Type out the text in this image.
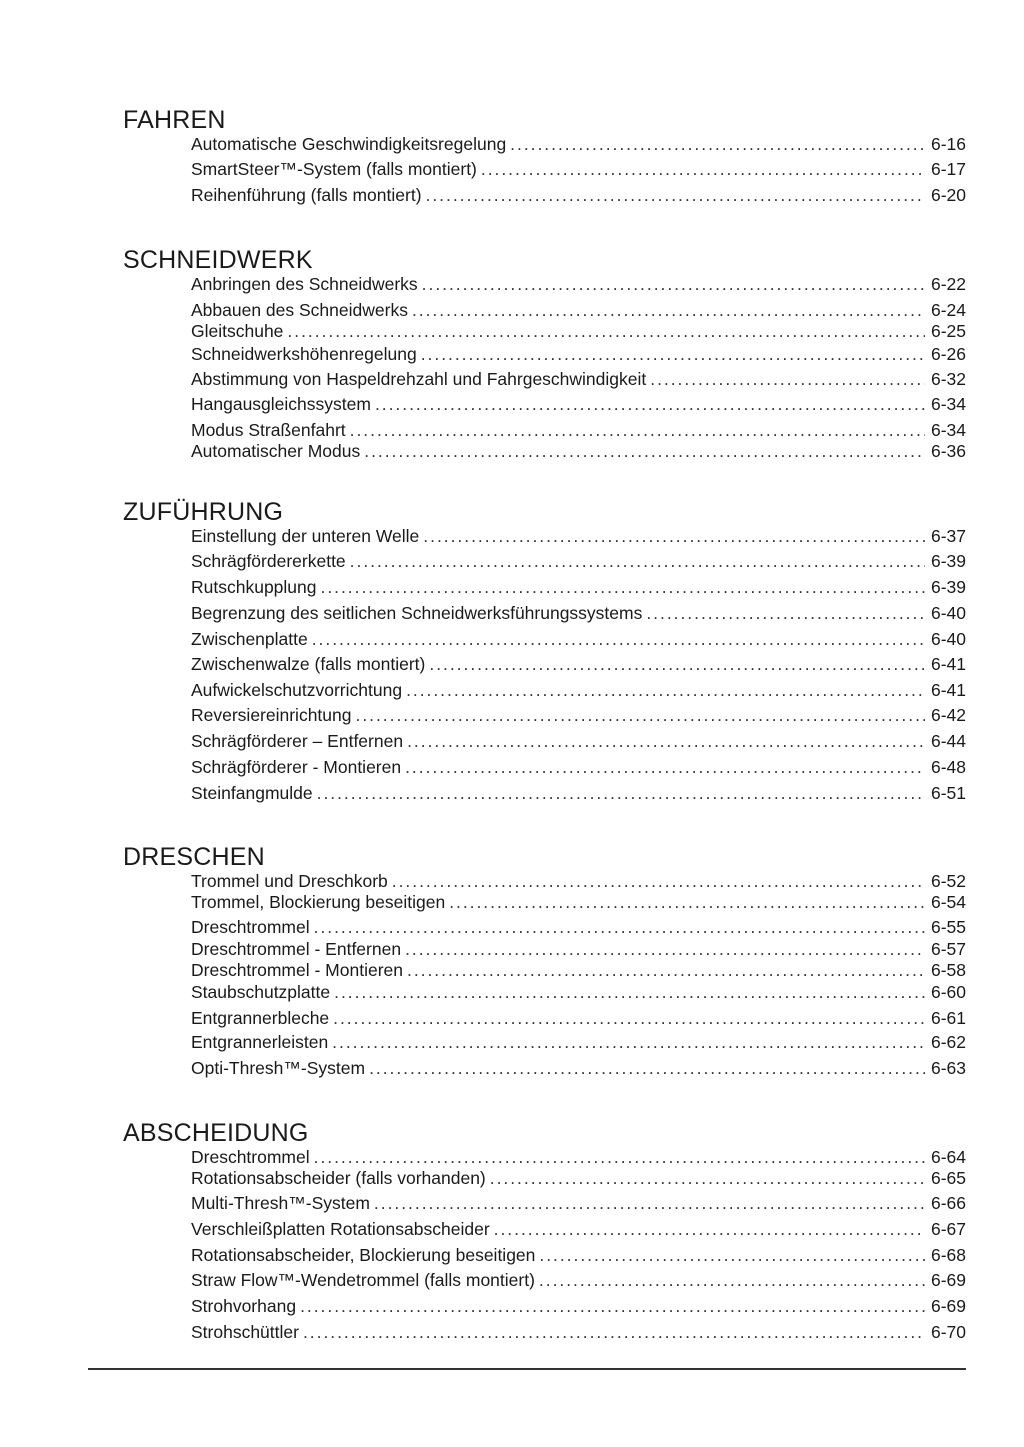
FAHREN
Automatische Geschwindigkeitsregelung . . .	6-16
SmartSteer™-System (falls montiert) . . .	6-17
Reihenführung (falls montiert) . . .	6-20
SCHNEIDWERK
Anbringen des Schneidwerks . . .	6-22
Abbauen des Schneidwerks . . .	6-24
Gleitschuhe . . .	6-25
Schneidwerkshöhenregelung . . .	6-26
Abstimmung von Haspeldrehzahl und Fahrgeschwindigkeit . . .	6-32
Hangausgleichssystem . . .	6-34
Modus Straßenfahrt . . .	6-34
Automatischer Modus . . .	6-36
ZUFÜHRUNG
Einstellung der unteren Welle . . .	6-37
Schrägfördererkette . . .	6-39
Rutschkupplung . . .	6-39
Begrenzung des seitlichen Schneidwerksführungssystems . . .	6-40
Zwischenplatte . . .	6-40
Zwischenwalze (falls montiert) . . .	6-41
Aufwickelschutzvorrichtung . . .	6-41
Reversiereinrichtung . . .	6-42
Schrägförderer – Entfernen . . .	6-44
Schrägförderer - Montieren . . .	6-48
Steinfangmulde . . .	6-51
DRESCHEN
Trommel und Dreschkorb . . .	6-52
Trommel, Blockierung beseitigen . . .	6-54
Dreschtrommel . . .	6-55
Dreschtrommel - Entfernen . . .	6-57
Dreschtrommel - Montieren . . .	6-58
Staubschutzplatte . . .	6-60
Entgrannerbleche . . .	6-61
Entgrannerleisten . . .	6-62
Opti-Thresh™-System . . .	6-63
ABSCHEIDUNG
Dreschtrommel . . .	6-64
Rotationsabscheider (falls vorhanden) . . .	6-65
Multi-Thresh™-System . . .	6-66
Verschleißplatten Rotationsabscheider . . .	6-67
Rotationsabscheider, Blockierung beseitigen . . .	6-68
Straw Flow™-Wendetrommel (falls montiert) . . .	6-69
Strohvorhang . . .	6-69
Strohschüttler . . .	6-70
